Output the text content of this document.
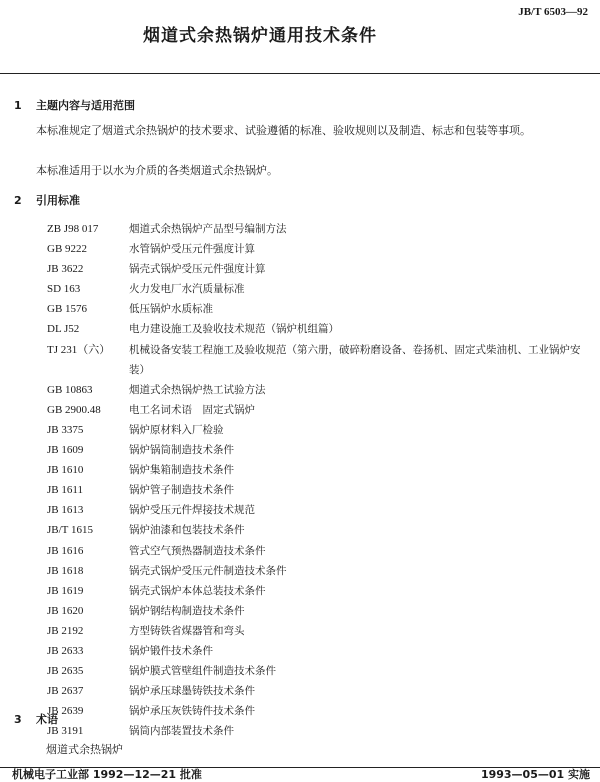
JB/T 6503—92
烟道式余热锅炉通用技术条件
1 主题内容与适用范围
本标准规定了烟道式余热锅炉的技术要求、试验遵循的标准、验收规则以及制造、标志和包装等事项。
本标准适用于以水为介质的各类烟道式余热锅炉。
2 引用标准
ZB J98 017	烟道式余热锅炉产品型号编制方法
GB 9222	水管锅炉受压元件强度计算
JB 3622	锅壳式锅炉受压元件强度计算
SD 163	火力发电厂水汽质量标准
GB 1576	低压锅炉水质标准
DL J52	电力建设施工及验收技术规范（锅炉机组篇）
TJ 231（六）	机械设备安装工程施工及验收规范（第六册，破碎粉磨设备、卷扬机、固定式柴油机、工业锅炉安装）
GB 10863	烟道式余热锅炉热工试验方法
GB 2900.48	电工名词术语　固定式锅炉
JB 3375	锅炉原材料入厂检验
JB 1609	锅炉锅筒制造技术条件
JB 1610	锅炉集箱制造技术条件
JB 1611	锅炉管子制造技术条件
JB 1613	锅炉受压元件焊接技术规范
JB/T 1615	锅炉油漆和包装技术条件
JB 1616	管式空气预热器制造技术条件
JB 1618	锅壳式锅炉受压元件制造技术条件
JB 1619	锅壳式锅炉本体总装技术条件
JB 1620	锅炉钢结构制造技术条件
JB 2192	方型铸铁省煤器管和弯头
JB 2633	锅炉锻件技术条件
JB 2635	锅炉膜式管壁组件制造技术条件
JB 2637	锅炉承压球墨铸铁技术条件
JB 2639	锅炉承压灰铁铸件技术条件
JB 3191	锅筒内部装置技术条件
3 术语
烟道式余热锅炉
机械电子工业部 1992—12—21 批准	1993—05—01 实施
